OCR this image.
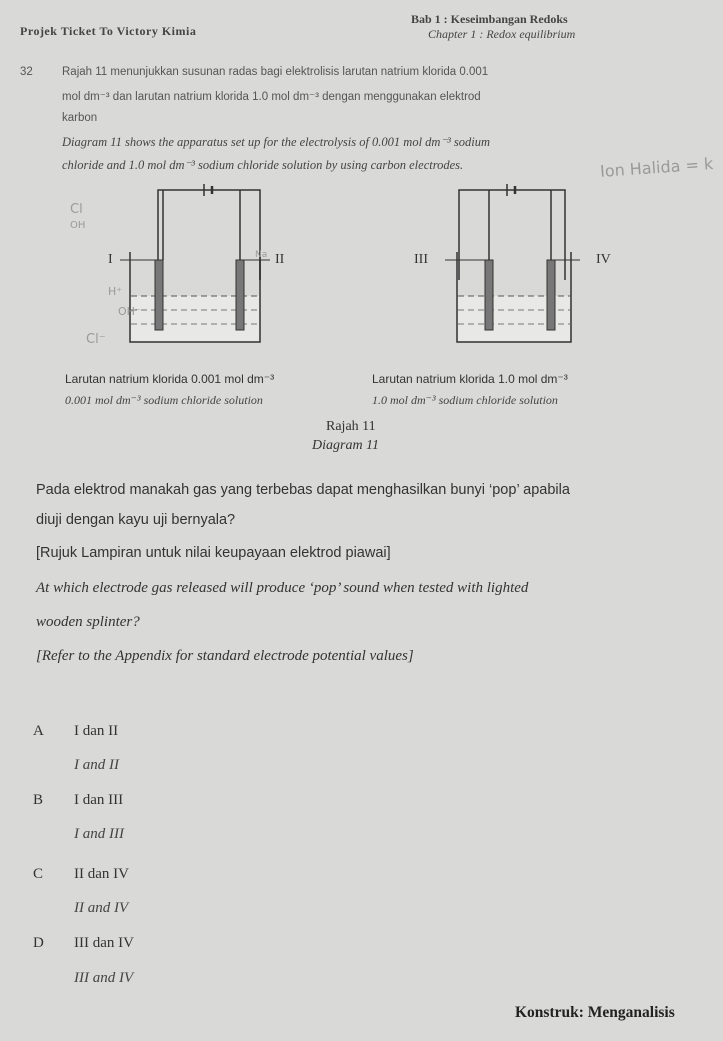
Projek Ticket To Victory Kimia
Bab 1 : Keseimbangan Redoks
Chapter 1 : Redox equilibrium
32	Rajah 11 menunjukkan susunan radas bagi elektrolisis larutan natrium klorida 0.001
mol dm⁻³ dan larutan natrium klorida 1.0 mol dm⁻³ dengan menggunakan elektrod
karbon
Diagram 11 shows the apparatus set up for the electrolysis of 0.001 mol dm⁻³ sodium
chloride and 1.0 mol dm⁻³ sodium chloride solution by using carbon electrodes.	Ion Halida = k
I	II	III	IV
Cl
OH
H⁺
Na
OH⁻
Cl⁻
Larutan natrium klorida 0.001 mol dm⁻³
0.001 mol dm⁻³ sodium chloride solution
Larutan natrium klorida 1.0 mol dm⁻³
1.0 mol dm⁻³ sodium chloride solution
Rajah 11
Diagram 11
Pada elektrod manakah gas yang terbebas dapat menghasilkan bunyi ‘pop’ apabila
diuji dengan kayu uji bernyala?
[Rujuk Lampiran untuk nilai keupayaan elektrod piawai]
At which electrode gas released will produce ‘pop’ sound when tested with lighted
wooden splinter?
[Refer to the Appendix for standard electrode potential values]
A I dan II
I and II
B I dan III
I and III
C II dan IV
II and IV
D III dan IV
III and IV
Konstruk: Menganalisis
